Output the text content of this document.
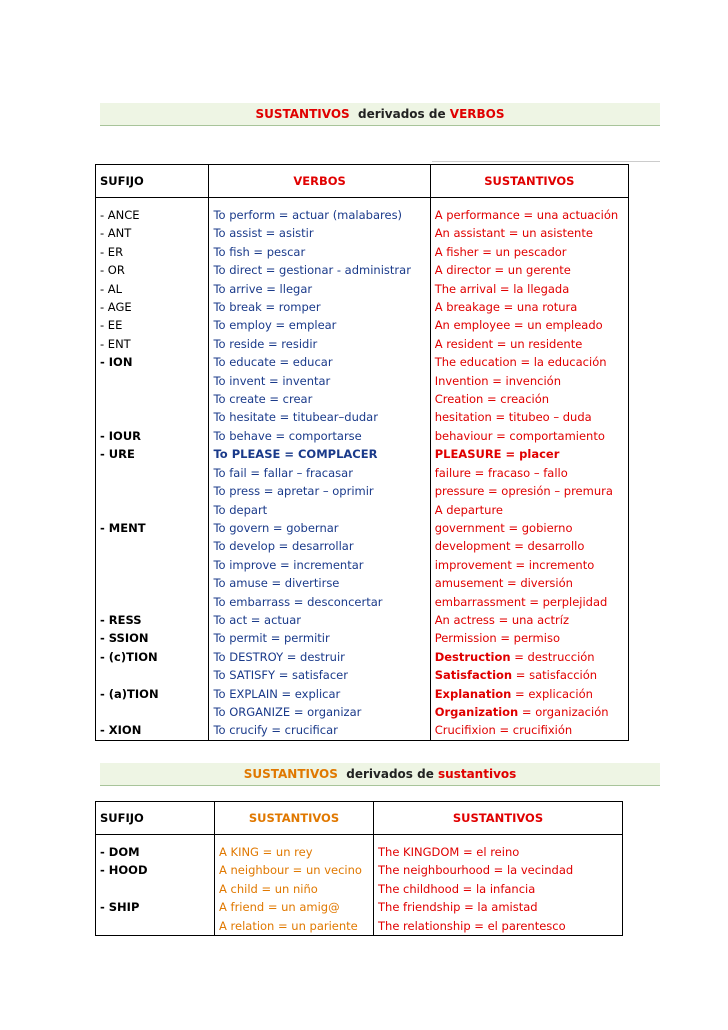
SUSTANTIVOS derivados de VERBOS
SUFIJO	VERBOS	SUSTANTIVOS

- ANCE	To perform = actuar (malabares)	A performance = una actuación
- ANT	To assist = asistir	An assistant = un asistente
- ER	To fish = pescar	A fisher = un pescador
- OR	To direct = gestionar - administrar	A director = un gerente
- AL	To arrive = llegar	The arrival = la llegada
- AGE	To break = romper	A breakage = una rotura
- EE	To employ = emplear	An employee = un empleado
- ENT	To reside = residir	A resident = un residente
- ION	To educate = educar	The education = la educación
	To invent = inventar	Invention = invención
	To create = crear	Creation = creación
	To hesitate = titubear–dudar	hesitation = titubeo – duda
- IOUR	To behave = comportarse	behaviour = comportamiento
- URE	To PLEASE = COMPLACER	PLEASURE = placer
	To fail = fallar – fracasar	failure = fracaso – fallo
	To press = apretar – oprimir	pressure = opresión – premura
	To depart	A departure
- MENT	To govern = gobernar	government = gobierno
	To develop = desarrollar	development = desarrollo
	To improve = incrementar	improvement = incremento
	To amuse = divertirse	amusement = diversión
	To embarrass = desconcertar	embarrassment = perplejidad
- RESS	To act = actuar	An actress = una actríz
- SSION	To permit = permitir	Permission = permiso
- (c)TION	To DESTROY = destruir	Destruction = destrucción
	To SATISFY = satisfacer	Satisfaction = satisfacción
- (a)TION	To EXPLAIN = explicar	Explanation = explicación
	To ORGANIZE = organizar	Organization = organización
- XION	To crucify = crucificar	Crucifixion = crucifixión
SUSTANTIVOS derivados de sustantivos
SUFIJO	SUSTANTIVOS	SUSTANTIVOS

- DOM	A KING = un rey	The KINGDOM = el reino
- HOOD	A neighbour = un vecino	The neighbourhood = la vecindad
	A child = un niño	The childhood = la infancia
- SHIP	A friend = un amig@	The friendship = la amistad
	A relation = un pariente	The relationship = el parentesco
